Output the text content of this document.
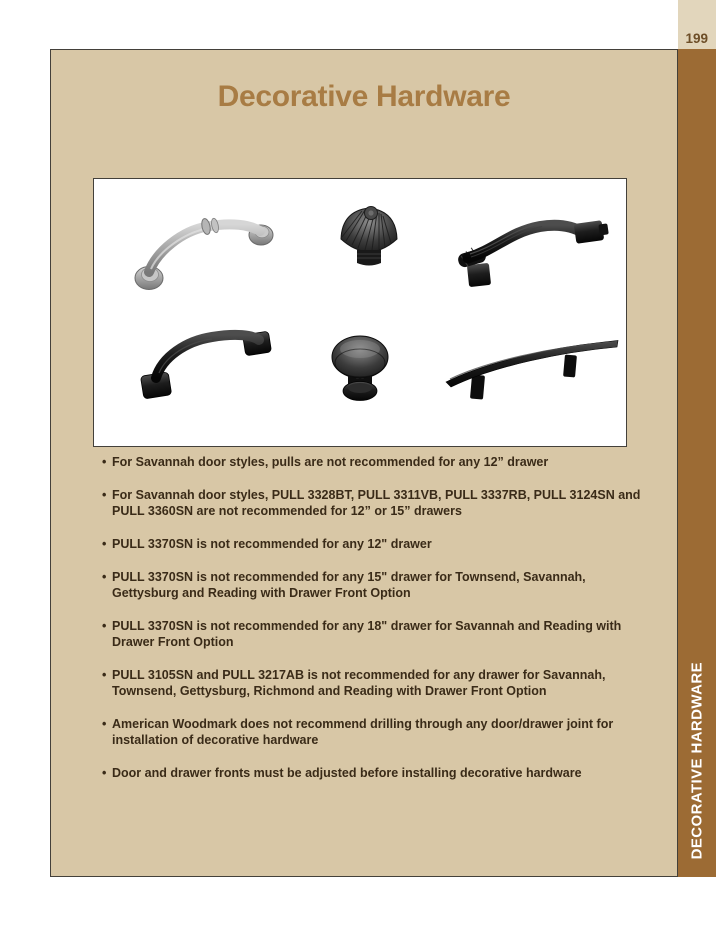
199
DECORATIVE HARDWARE
Decorative Hardware
• For Savannah door styles, pulls are not recommended for any 12” drawer
• For Savannah door styles, PULL 3328BT, PULL 3311VB, PULL 3337RB, PULL 3124SN and PULL 3360SN are not recommended for 12” or 15” drawers
• PULL 3370SN is not recommended for any 12" drawer
• PULL 3370SN is not recommended for any 15" drawer for Townsend, Savannah, Gettysburg and Reading with Drawer Front Option
• PULL 3370SN is not recommended for any 18" drawer for Savannah and Reading with Drawer Front Option
• PULL 3105SN and PULL 3217AB is not recommended for any drawer for Savannah, Townsend, Gettysburg, Richmond and Reading with Drawer Front Option
• American Woodmark does not recommend drilling through any door/drawer joint for installation of decorative hardware
• Door and drawer fronts must be adjusted before installing decorative hardware
